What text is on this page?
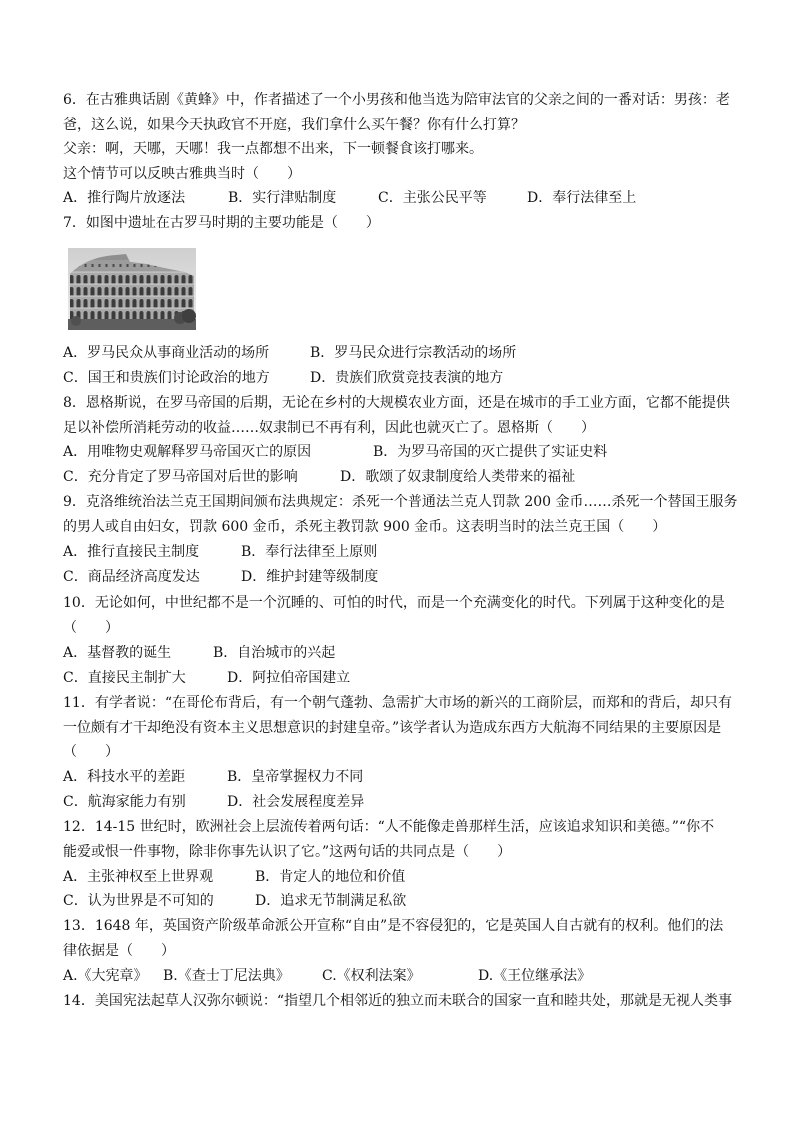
6．在古雅典话剧《黄蜂》中，作者描述了一个小男孩和他当选为陪审法官的父亲之间的一番对话：男孩：老
爸，这么说，如果今天执政官不开庭，我们拿什么买午餐？你有什么打算？
父亲：啊，天哪，天哪！我一点都想不出来，下一顿餐食该打哪来。
这个情节可以反映古雅典当时（　　）
A．推行陶片放逐法	B．实行津贴制度	C．主张公民平等	D．奉行法律至上
7．如图中遗址在古罗马时期的主要功能是（　　）
A．罗马民众从事商业活动的场所	B．罗马民众进行宗教活动的场所
C．国王和贵族们讨论政治的地方	D．贵族们欣赏竞技表演的地方
8．恩格斯说，在罗马帝国的后期，无论在乡村的大规模农业方面，还是在城市的手工业方面，它都不能提供
足以补偿所消耗劳动的收益……奴隶制已不再有利，因此也就灭亡了。恩格斯（　　）
A．用唯物史观解释罗马帝国灭亡的原因	B．为罗马帝国的灭亡提供了实证史料
C．充分肯定了罗马帝国对后世的影响	D．歌颂了奴隶制度给人类带来的福祉
9．克洛维统治法兰克王国期间颁布法典规定：杀死一个普通法兰克人罚款 200 金币……杀死一个替国王服务
的男人或自由妇女，罚款 600 金币，杀死主教罚款 900 金币。这表明当时的法兰克王国（　　）
A．推行直接民主制度	B．奉行法律至上原则
C．商品经济高度发达	D．维护封建等级制度
10．无论如何，中世纪都不是一个沉睡的、可怕的时代，而是一个充满变化的时代。下列属于这种变化的是
（　　）
A．基督教的诞生	B．自治城市的兴起
C．直接民主制扩大	D．阿拉伯帝国建立
11．有学者说：“在哥伦布背后，有一个朝气蓬勃、急需扩大市场的新兴的工商阶层，而郑和的背后，却只有
一位颇有才干却绝没有资本主义思想意识的封建皇帝。”该学者认为造成东西方大航海不同结果的主要原因是
（　　）
A．科技水平的差距	B．皇帝掌握权力不同
C．航海家能力有别	D．社会发展程度差异
12．14-15 世纪时，欧洲社会上层流传着两句话：“人不能像走兽那样生活，应该追求知识和美德。”“你不
能爱或恨一件事物，除非你事先认识了它。”这两句话的共同点是（　　）
A．主张神权至上世界观	B．肯定人的地位和价值
C．认为世界是不可知的	D．追求无节制满足私欲
13．1648 年，英国资产阶级革命派公开宣称“自由”是不容侵犯的，它是英国人自古就有的权利。他们的法
律依据是（　　）
A.《大宪章》 B.《查士丁尼法典》 C.《权利法案》	D.《王位继承法》
14．美国宪法起草人汉弥尔顿说：“指望几个相邻近的独立而未联合的国家一直和睦共处，那就是无视人类事
